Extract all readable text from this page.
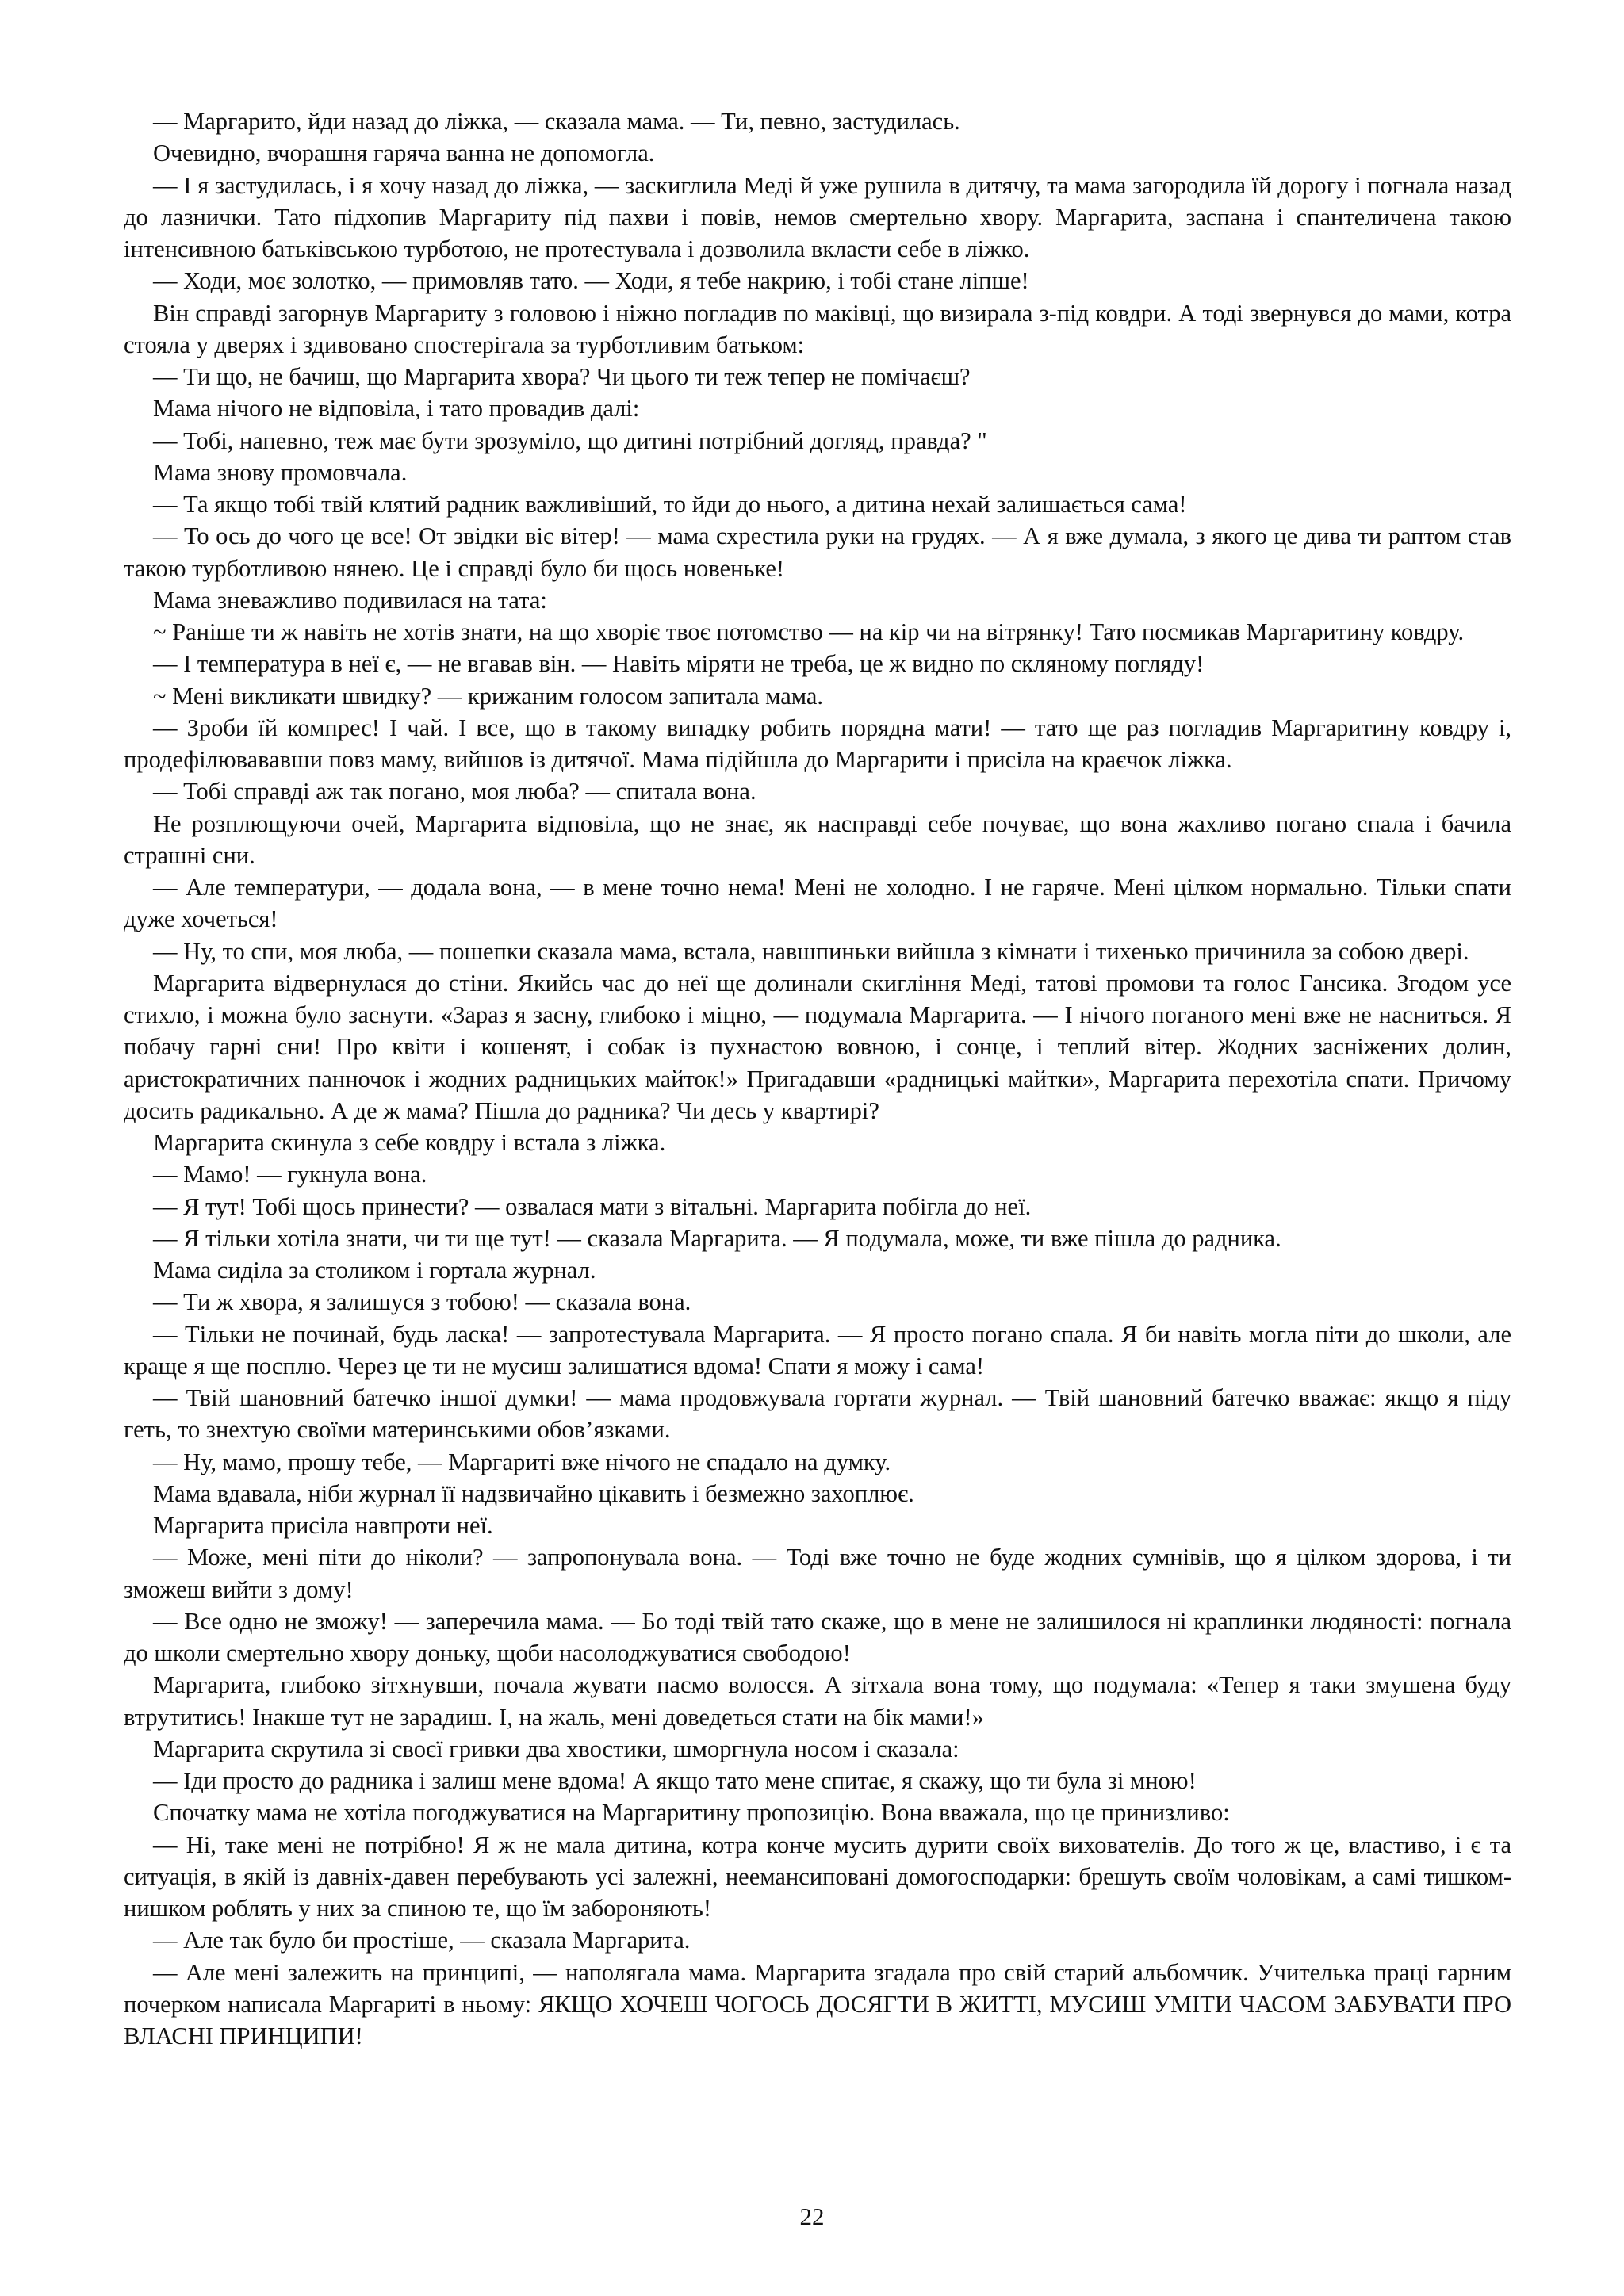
— Маргарито, йди назад до ліжка, — сказала мама. — Ти, певно, застудилась.

Очевидно, вчорашня гаряча ванна не допомогла.

— І я застудилась, і я хочу назад до ліжка, — заскиглила Меді й уже рушила в дитячу, та мама загородила їй дорогу і погнала назад до лазнички. Тато підхопив Маргариту під пахви і повів, немов смертельно хвору. Маргарита, заспана і спантеличена такою інтенсивною батьківською турботою, не протестувала і дозволила вкласти себе в ліжко.

— Ходи, моє золотко, — примовляв тато. — Ходи, я тебе накрию, і тобі стане ліпше!

Він справді загорнув Маргариту з головою і ніжно погладив по маківці, що визирала з-під ковдри. А тоді звернувся до мами, котра стояла у дверях і здивовано спостерігала за турботливим батьком:

— Ти що, не бачиш, що Маргарита хвора? Чи цього ти теж тепер не помічаєш?

Мама нічого не відповіла, і тато провадив далі:

— Тобі, напевно, теж має бути зрозуміло, що дитині потрібний догляд, правда? "

Мама знову промовчала.

— Та якщо тобі твій клятий радник важливіший, то йди до нього, а дитина нехай залишається сама!

— То ось до чого це все! От звідки віє вітер! — мама схрестила руки на грудях. — А я вже думала, з якого це дива ти раптом став такою турботливою нянею. Це і справді було би щось новеньке!

Мама зневажливо подивилася на тата:

~ Раніше ти ж навіть не хотів знати, на що хворіє твоє потомство — на кір чи на вітрянку! Тато посмикав Маргаритину ковдру.

— І температура в неї є, — не вгавав він. — Навіть міряти не треба, це ж видно по скляному погляду!

~ Мені викликати швидку? — крижаним голосом запитала мама.

— Зроби їй компрес! І чай. І все, що в такому випадку робить порядна мати! — тато ще раз погладив Маргаритину ковдру і, продефілювававши повз маму, вийшов із дитячої. Мама підійшла до Маргарити і присіла на краєчок ліжка.

— Тобі справді аж так погано, моя люба? — спитала вона.

Не розплющуючи очей, Маргарита відповіла, що не знає, як насправді себе почуває, що вона жахливо погано спала і бачила страшні сни.

— Але температури, — додала вона, — в мене точно нема! Мені не холодно. І не гаряче. Мені цілком нормально. Тільки спати дуже хочеться!

— Ну, то спи, моя люба, — пошепки сказала мама, встала, навшпиньки вийшла з кімнати і тихенько причинила за собою двері.

Маргарита відвернулася до стіни. Якийсь час до неї ще долинали скигління Меді, татові промови та голос Гансика. Згодом усе стихло, і можна було заснути. «Зараз я засну, глибоко і міцно, — подумала Маргарита. — І нічого поганого мені вже не насниться. Я побачу гарні сни! Про квіти і кошенят, і собак із пухнастою вовною, і сонце, і теплий вітер. Жодних засніжених долин, аристократичних панночок і жодних радницьких майток!» Пригадавши «радницькі майтки», Маргарита перехотіла спати. Причому досить радикально. А де ж мама? Пішла до радника? Чи десь у квартирі?

Маргарита скинула з себе ковдру і встала з ліжка.

— Мамо! — гукнула вона.

— Я тут! Тобі щось принести? — озвалася мати з вітальні. Маргарита побігла до неї.

— Я тільки хотіла знати, чи ти ще тут! — сказала Маргарита. — Я подумала, може, ти вже пішла до радника.

Мама сиділа за столиком і гортала журнал.

— Ти ж хвора, я залишуся з тобою! — сказала вона.

— Тільки не починай, будь ласка! — запротестувала Маргарита. — Я просто погано спала. Я би навіть могла піти до школи, але краще я ще посплю. Через це ти не мусиш залишатися вдома! Спати я можу і сама!

— Твій шановний батечко іншої думки! — мама продовжувала гортати журнал. — Твій шановний батечко вважає: якщо я піду геть, то знехтую своїми материнськими обов’язками.

— Ну, мамо, прошу тебе, — Маргариті вже нічого не спадало на думку.

Мама вдавала, ніби журнал її надзвичайно цікавить і безмежно захоплює.

Маргарита присіла навпроти неї.

— Може, мені піти до ніколи? — запропонувала вона. — Тоді вже точно не буде жодних сумнівів, що я цілком здорова, і ти зможеш вийти з дому!

— Все одно не зможу! — заперечила мама. — Бо тоді твій тато скаже, що в мене не залишилося ні краплинки людяності: погнала до школи смертельно хвору доньку, щоби насолоджуватися свободою!

Маргарита, глибоко зітхнувши, почала жувати пасмо волосся. А зітхала вона тому, що подумала: «Тепер я таки змушена буду втрутитись! Інакше тут не зарадиш. І, на жаль, мені доведеться стати на бік мами!»

Маргарита скрутила зі своєї гривки два хвостики, шморгнула носом і сказала:

— Іди просто до радника і залиш мене вдома! А якщо тато мене спитає, я скажу, що ти була зі мною!

Спочатку мама не хотіла погоджуватися на Маргаритину пропозицію. Вона вважала, що це принизливо:

— Ні, таке мені не потрібно! Я ж не мала дитина, котра конче мусить дурити своїх вихователів. До того ж це, властиво, і є та ситуація, в якій із давніх-давен перебувають усі залежні, неемансиповані домогосподарки: брешуть своїм чоловікам, а самі тишком-нишком роблять у них за спиною те, що їм забороняють!

— Але так було би простіше, — сказала Маргарита.

— Але мені залежить на принципі, — наполягала мама. Маргарита згадала про свій старий альбомчик. Учителька праці гарним почерком написала Маргариті в ньому: ЯКЩО ХОЧЕШ ЧОГОСЬ ДОСЯГТИ В ЖИТТІ, МУСИШ УМІТИ ЧАСОМ ЗАБУВАТИ ПРО ВЛАСНІ ПРИНЦИПИ!

22
